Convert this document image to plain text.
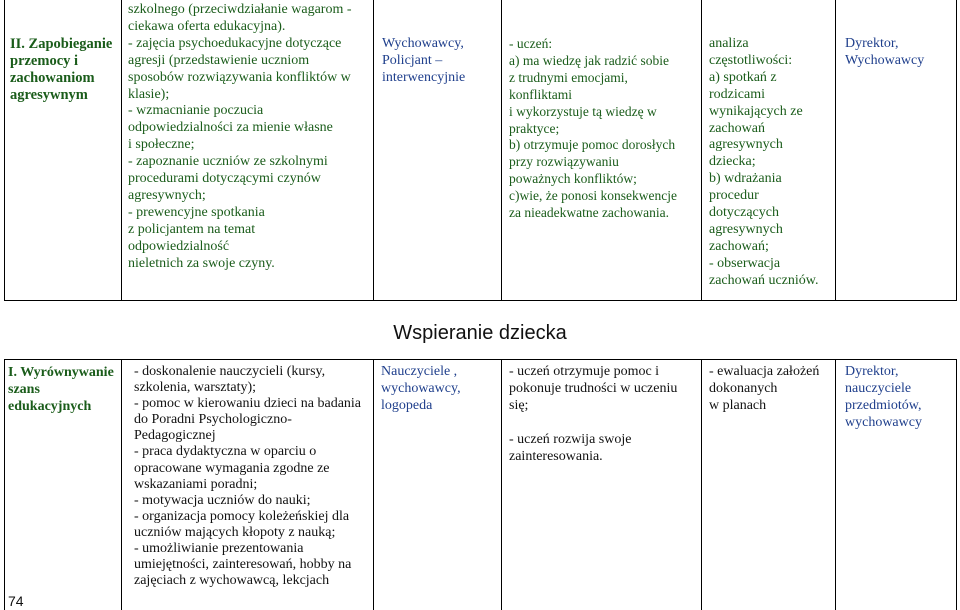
II. Zapobieganie przemocy i zachowaniom agresywnym
szkolnego (przeciwdziałanie wagarom -
ciekawa oferta edukacyjna).
- zajęcia psychoedukacyjne dotyczące
agresji (przedstawienie uczniom
sposobów rozwiązywania konfliktów w
klasie);
- wzmacnianie poczucia
odpowiedzialności za mienie własne
i społeczne;
- zapoznanie uczniów ze szkolnymi
procedurami dotyczącymi czynów
agresywnych;
- prewencyjne spotkania
z policjantem na temat
odpowiedzialność
nieletnich za swoje czyny.
Wychowawcy,
Policjant –
interwencyjnie
- uczeń:
a) ma wiedzę jak radzić sobie
z trudnymi emocjami,
konfliktami
i wykorzystuje tą wiedzę w
praktyce;
b) otrzymuje pomoc dorosłych
przy rozwiązywaniu
poważnych konfliktów;
c)wie, że ponosi konsekwencje
za nieadekwatne zachowania.
analiza
częstotliwości:
a) spotkań z
rodzicami
wynikających ze
zachowań
agresywnych
dziecka;
b) wdrażania
procedur
dotyczących
agresywnych
zachowań;
- obserwacja
zachowań uczniów.
Dyrektor,
Wychowawcy
Wspieranie dziecka
I. Wyrównywanie
szans
edukacyjnych
- doskonalenie nauczycieli (kursy,
szkolenia, warsztaty);
- pomoc w kierowaniu dzieci na badania
do Poradni Psychologiczno-
Pedagogicznej
- praca dydaktyczna w oparciu o
opracowane wymagania zgodne ze
wskazaniami poradni;
- motywacja uczniów do nauki;
- organizacja pomocy koleżeńskiej dla
uczniów mających kłopoty z nauką;
- umożliwianie prezentowania
umiejętności, zainteresowań, hobby na
zajęciach z wychowawcą, lekcjach
Nauczyciele ,
wychowawcy,
logopeda
- uczeń otrzymuje pomoc i
pokonuje trudności w uczeniu
się;

- uczeń rozwija swoje
zainteresowania.
- ewaluacja założeń
dokonanych
w planach
Dyrektor,
nauczyciele
przedmiotów,
wychowawcy
74
